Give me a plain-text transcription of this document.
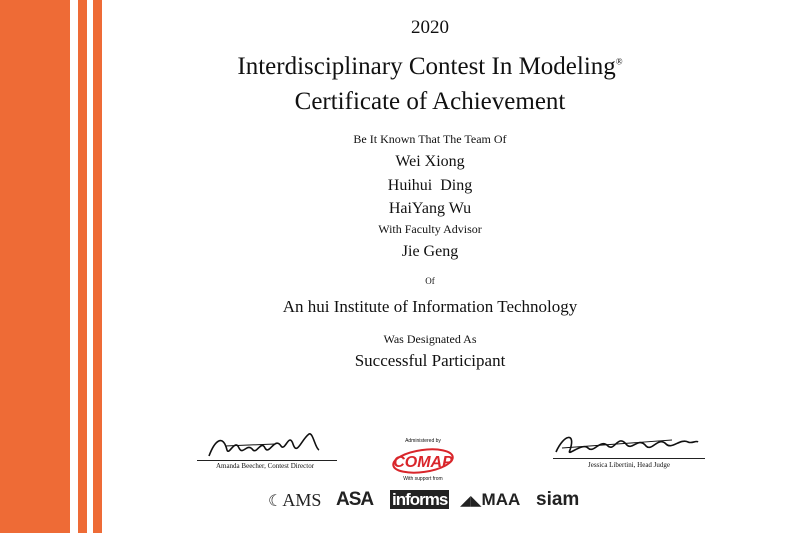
2020
Interdisciplinary Contest In Modeling®
Certificate of Achievement
Be It Known That The Team Of
Wei Xiong
Huihui  Ding
HaiYang Wu
With Faculty Advisor
Jie Geng
Of
An hui Institute of Information Technology
Was Designated As
Successful Participant
Amanda Beecher, Contest Director
Administered by
COMAP
With support from
Jessica Libertini, Head Judge
☾AMS ASA informs ◢◣MAA siam
